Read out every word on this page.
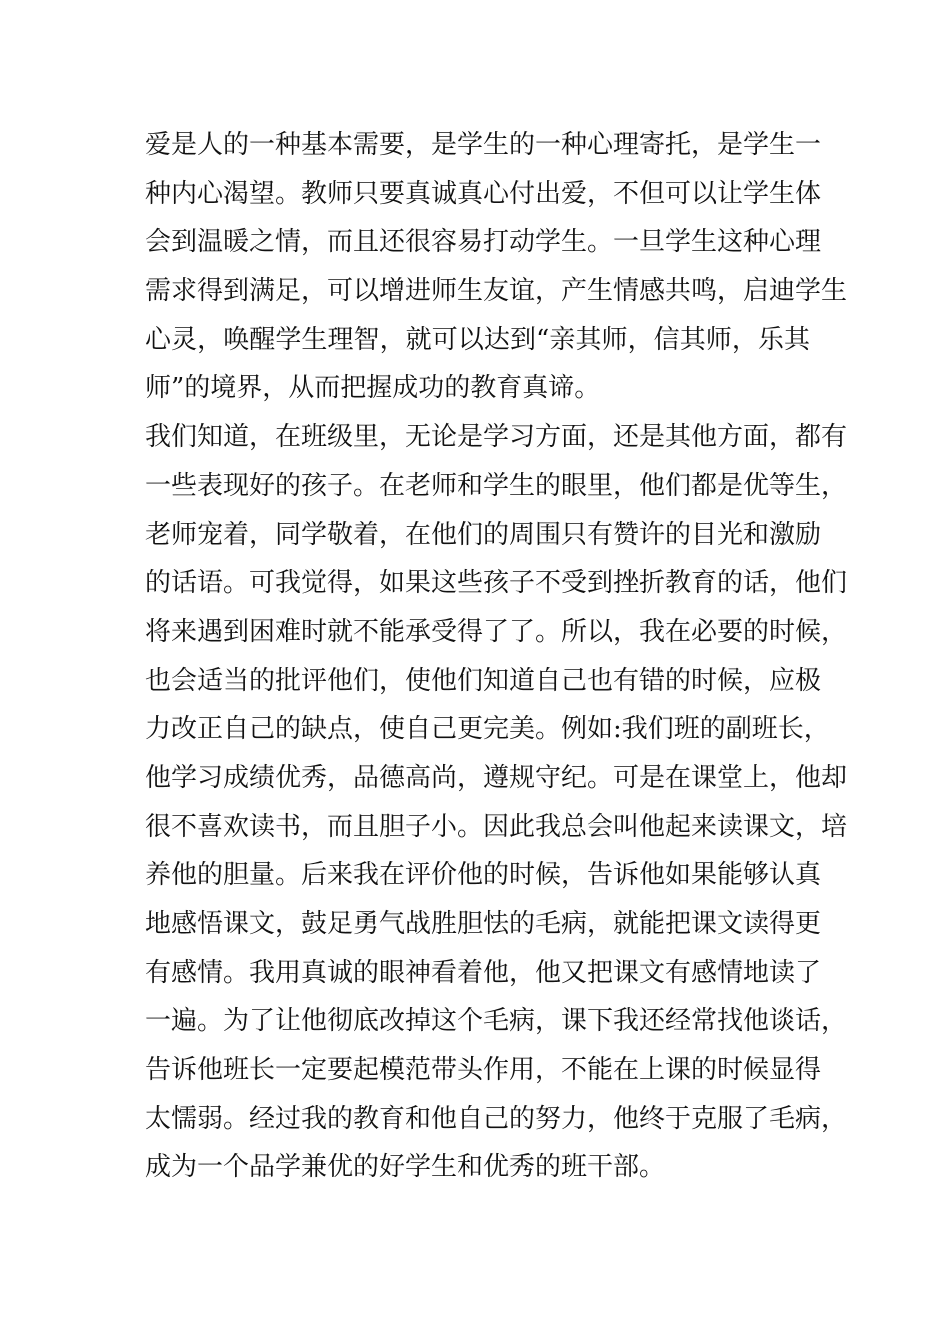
爱是人的一种基本需要，是学生的一种心理寄托，是学生一
种内心渴望。教师只要真诚真心付出爱，不但可以让学生体
会到温暖之情，而且还很容易打动学生。一旦学生这种心理
需求得到满足，可以增进师生友谊，产生情感共鸣，启迪学生
心灵，唤醒学生理智，就可以达到“亲其师，信其师，乐其
师”的境界，从而把握成功的教育真谛。
我们知道，在班级里，无论是学习方面，还是其他方面，都有
一些表现好的孩子。在老师和学生的眼里，他们都是优等生，
老师宠着，同学敬着，在他们的周围只有赞许的目光和激励
的话语。可我觉得，如果这些孩子不受到挫折教育的话，他们
将来遇到困难时就不能承受得了了。所以，我在必要的时候，
也会适当的批评他们，使他们知道自己也有错的时候，应极
力改正自己的缺点，使自己更完美。例如:我们班的副班长，
他学习成绩优秀，品德高尚，遵规守纪。可是在课堂上，他却
很不喜欢读书，而且胆子小。因此我总会叫他起来读课文，培
养他的胆量。后来我在评价他的时候，告诉他如果能够认真
地感悟课文，鼓足勇气战胜胆怯的毛病，就能把课文读得更
有感情。我用真诚的眼神看着他，他又把课文有感情地读了
一遍。为了让他彻底改掉这个毛病，课下我还经常找他谈话，
告诉他班长一定要起模范带头作用，不能在上课的时候显得
太懦弱。经过我的教育和他自己的努力，他终于克服了毛病，
成为一个品学兼优的好学生和优秀的班干部。
